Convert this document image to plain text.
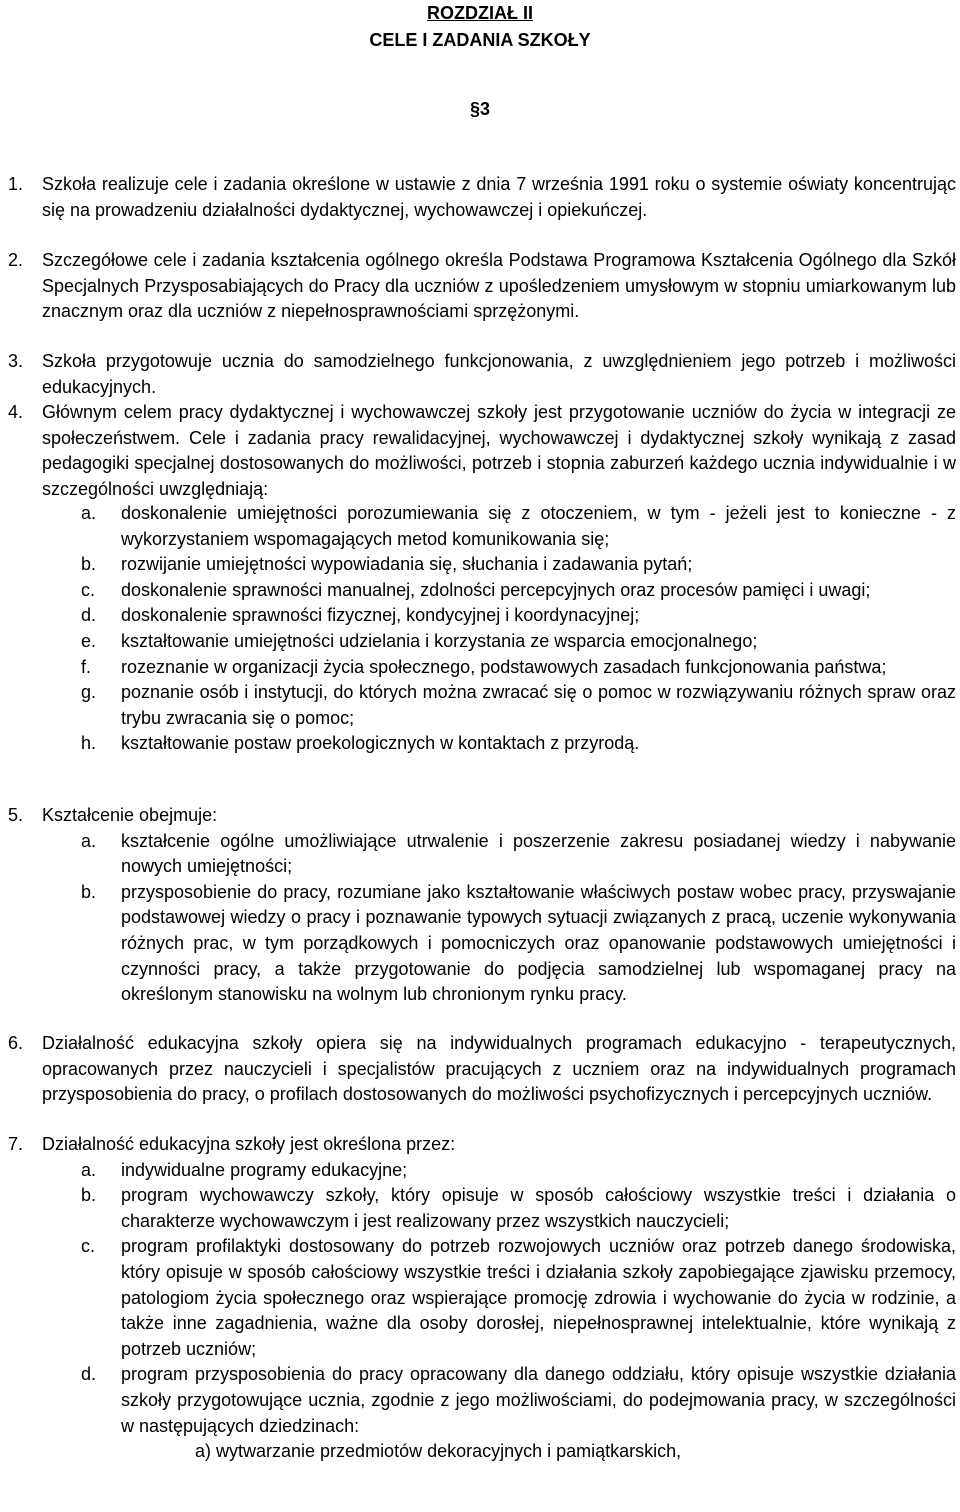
ROZDZIAŁ II
CELE I ZADANIA SZKOŁY
§3
1. Szkoła realizuje cele i zadania określone w ustawie z dnia 7 września 1991 roku o systemie oświaty koncentrując się na prowadzeniu działalności dydaktycznej, wychowawczej i opiekuńczej.
2. Szczegółowe cele i zadania kształcenia ogólnego określa Podstawa Programowa Kształcenia Ogólnego dla Szkół Specjalnych Przysposabiających do Pracy dla uczniów z upośledzeniem umysłowym w stopniu umiarkowanym lub znacznym oraz dla uczniów z niepełnosprawnościami sprzężonymi.
3. Szkoła przygotowuje ucznia do samodzielnego funkcjonowania, z uwzględnieniem jego potrzeb i możliwości edukacyjnych.
4. Głównym celem pracy dydaktycznej i wychowawczej szkoły jest przygotowanie uczniów do życia w integracji ze społeczeństwem. Cele i zadania pracy rewalidacyjnej, wychowawczej i dydaktycznej szkoły wynikają z zasad pedagogiki specjalnej dostosowanych do możliwości, potrzeb i stopnia zaburzeń każdego ucznia indywidualnie i w szczególności uwzględniają:
a. doskonalenie umiejętności porozumiewania się z otoczeniem, w tym - jeżeli jest to konieczne - z wykorzystaniem wspomagających metod komunikowania się;
b. rozwijanie umiejętności wypowiadania się, słuchania i zadawania pytań;
c. doskonalenie sprawności manualnej, zdolności percepcyjnych oraz procesów pamięci i uwagi;
d. doskonalenie sprawności fizycznej, kondycyjnej i koordynacyjnej;
e. kształtowanie umiejętności udzielania i korzystania ze wsparcia emocjonalnego;
f. rozeznanie w organizacji życia społecznego, podstawowych zasadach funkcjonowania państwa;
g. poznanie osób i instytucji, do których można zwracać się o pomoc w rozwiązywaniu różnych spraw oraz trybu zwracania się o pomoc;
h. kształtowanie postaw proekologicznych w kontaktach z przyrodą.
5. Kształcenie obejmuje:
a. kształcenie ogólne umożliwiające utrwalenie i poszerzenie zakresu posiadanej wiedzy i nabywanie nowych umiejętności;
b. przysposobienie do pracy, rozumiane jako kształtowanie właściwych postaw wobec pracy, przyswajanie podstawowej wiedzy o pracy i poznawanie typowych sytuacji związanych z pracą, uczenie wykonywania różnych prac, w tym porządkowych i pomocniczych oraz opanowanie podstawowych umiejętności i czynności pracy, a także przygotowanie do podjęcia samodzielnej lub wspomaganej pracy na określonym stanowisku na wolnym lub chronionym rynku pracy.
6. Działalność edukacyjna szkoły opiera się na indywidualnych programach edukacyjno - terapeutycznych, opracowanych przez nauczycieli i specjalistów pracujących z uczniem oraz na indywidualnych programach przysposobienia do pracy, o profilach dostosowanych do możliwości psychofizycznych i percepcyjnych uczniów.
7. Działalność edukacyjna szkoły jest określona przez:
a. indywidualne programy edukacyjne;
b. program wychowawczy szkoły, który opisuje w sposób całościowy wszystkie treści i działania o charakterze wychowawczym i jest realizowany przez wszystkich nauczycieli;
c. program profilaktyki dostosowany do potrzeb rozwojowych uczniów oraz potrzeb danego środowiska, który opisuje w sposób całościowy wszystkie treści i działania szkoły zapobiegające zjawisku przemocy, patologiom życia społecznego oraz wspierające promocję zdrowia i wychowanie do życia w rodzinie, a także inne zagadnienia, ważne dla osoby dorosłej, niepełnosprawnej intelektualnie, które wynikają z potrzeb uczniów;
d. program przysposobienia do pracy opracowany dla danego oddziału, który opisuje wszystkie działania szkoły przygotowujące ucznia, zgodnie z jego możliwościami, do podejmowania pracy, w szczególności w następujących dziedzinach:
a) wytwarzanie przedmiotów dekoracyjnych i pamiątkarskich,
